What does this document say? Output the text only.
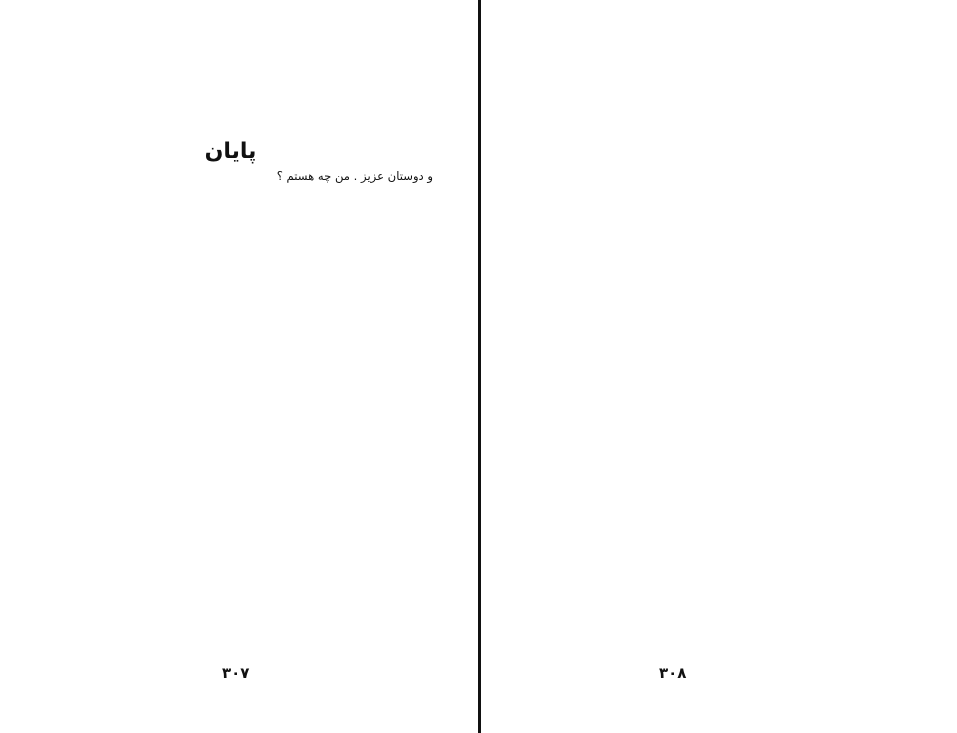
پایان
و دوستان عزیز . من چه هستم ؟
۳۰۷	۳۰۸
